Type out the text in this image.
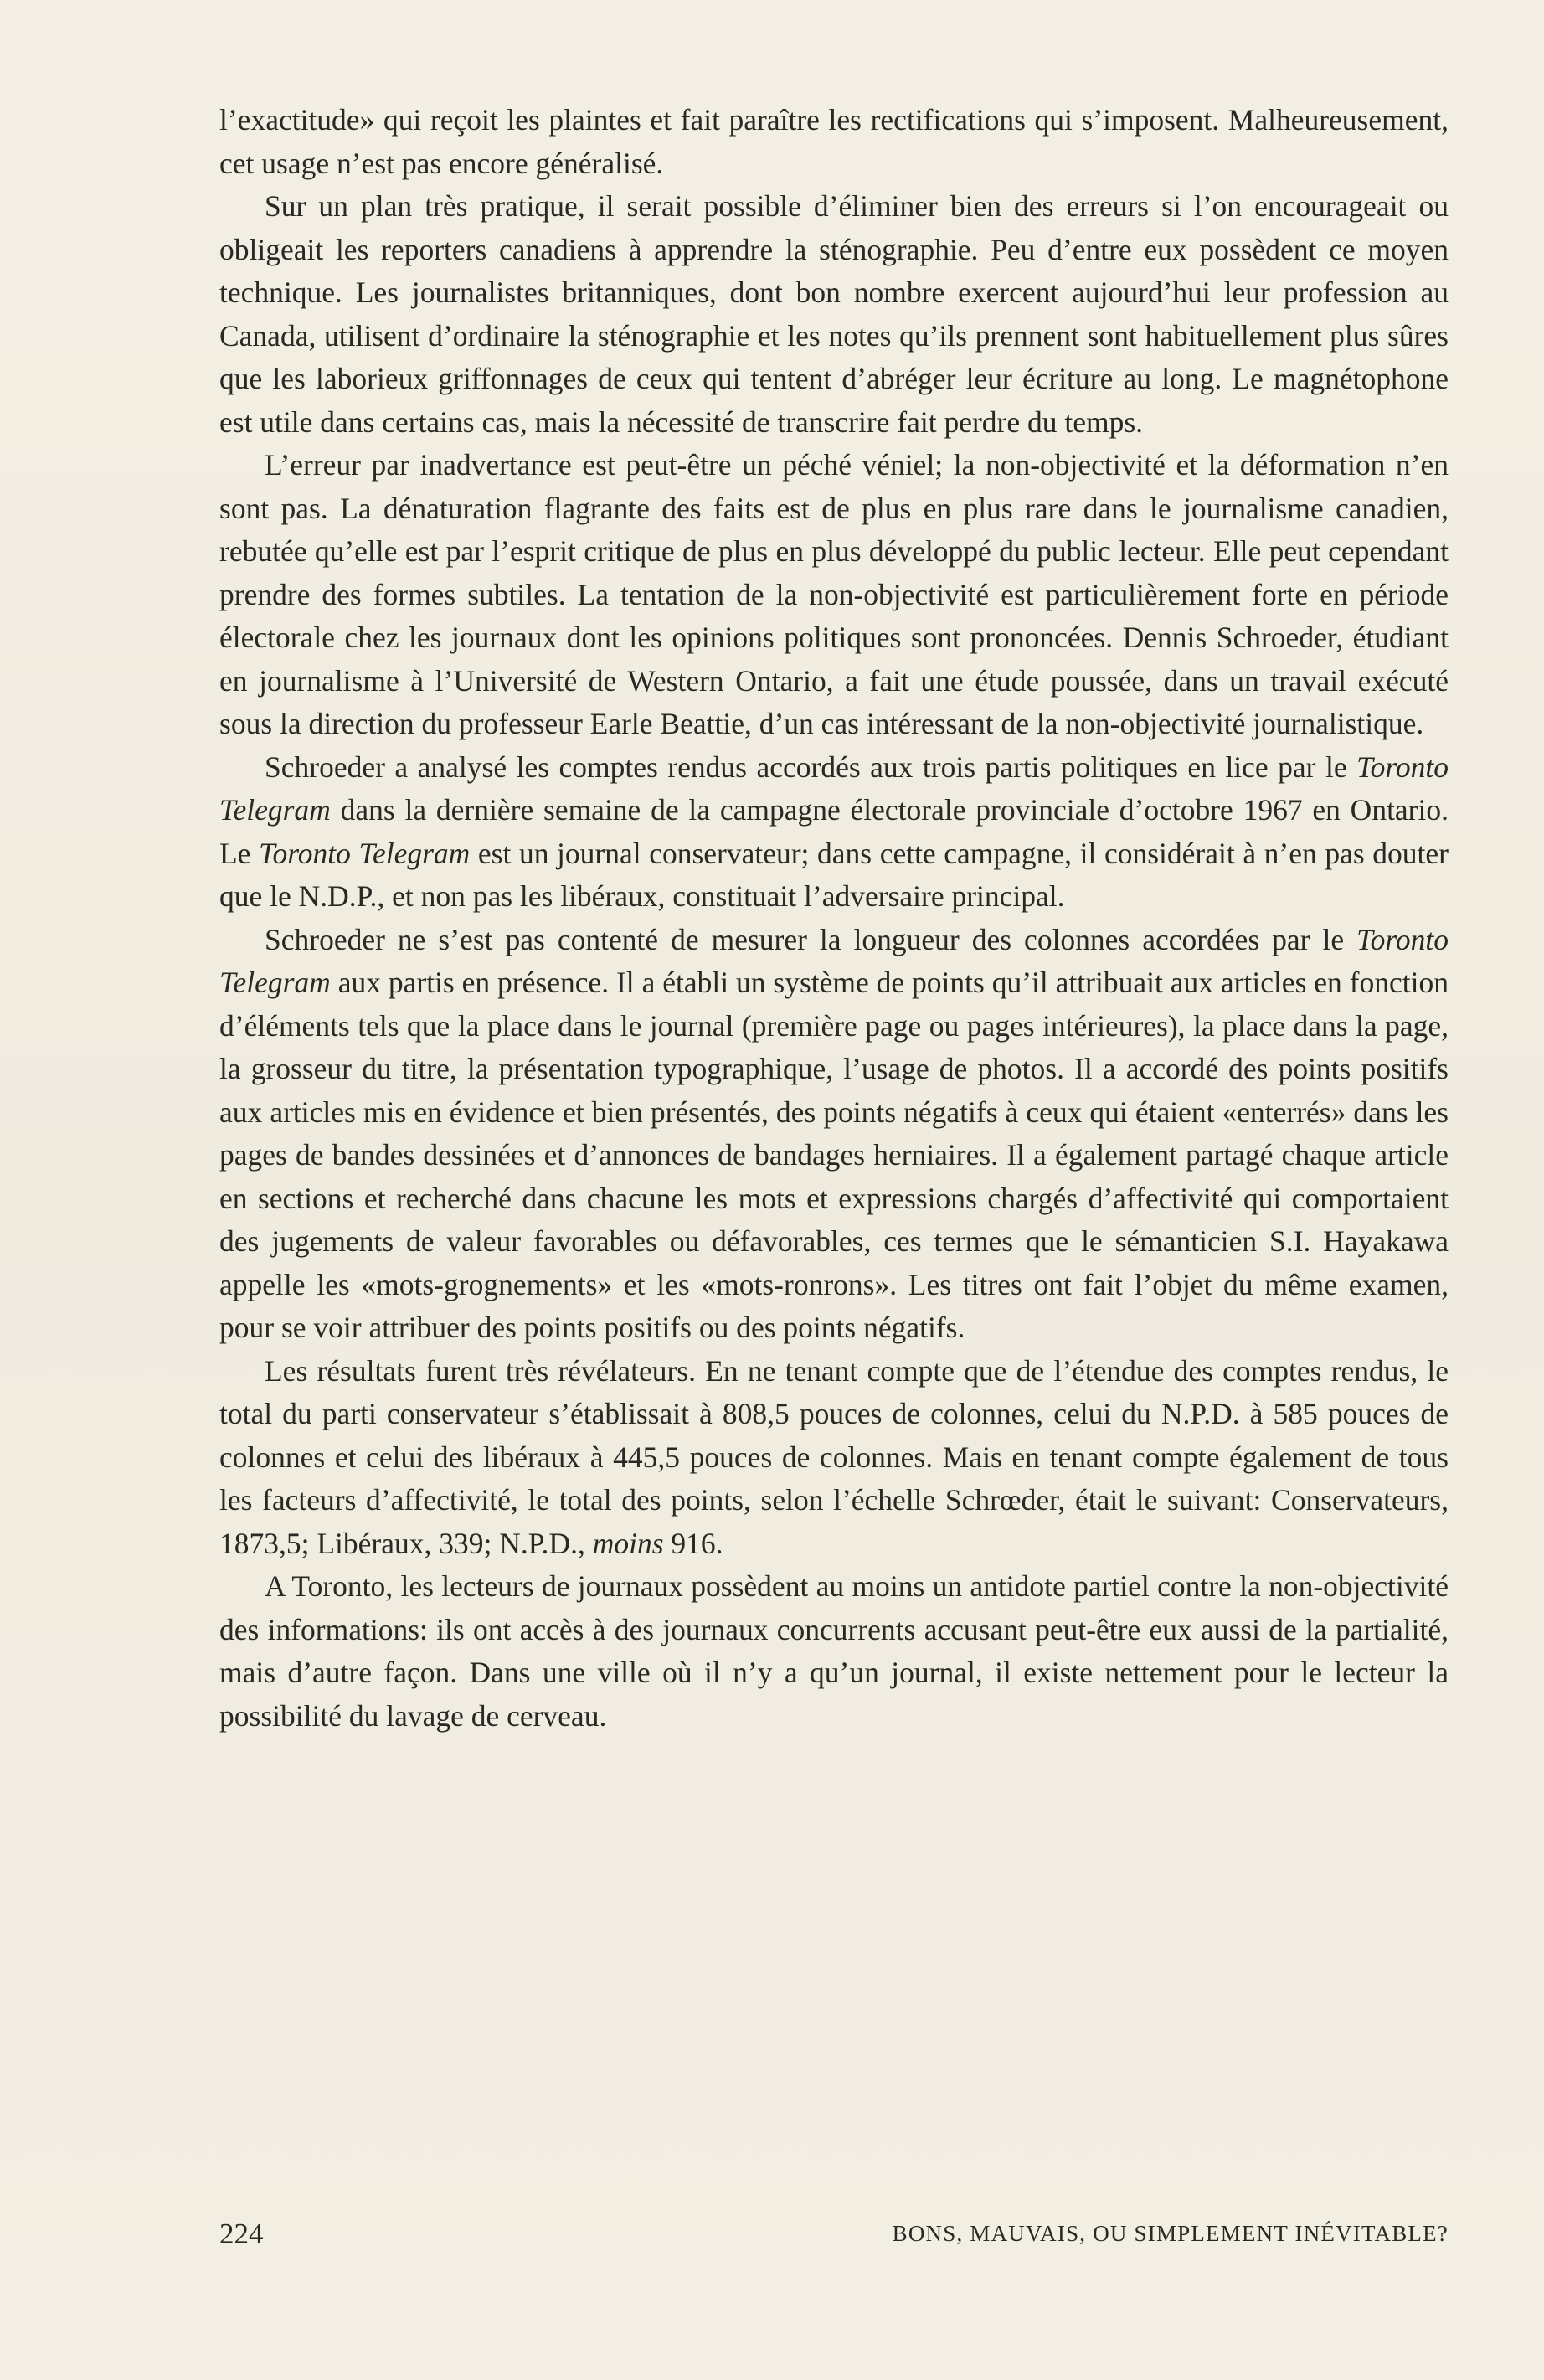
l’exactitude» qui reçoit les plaintes et fait paraître les rectifications qui s’imposent. Malheureusement, cet usage n’est pas encore généralisé.

Sur un plan très pratique, il serait possible d’éliminer bien des erreurs si l’on encourageait ou obligeait les reporters canadiens à apprendre la sténographie. Peu d’entre eux possèdent ce moyen technique. Les journalistes britanniques, dont bon nombre exercent aujourd’hui leur profession au Canada, utilisent d’ordinaire la sténographie et les notes qu’ils prennent sont habituellement plus sûres que les laborieux griffonnages de ceux qui tentent d’abréger leur écriture au long. Le magnétophone est utile dans certains cas, mais la nécessité de transcrire fait perdre du temps.

L’erreur par inadvertance est peut-être un péché véniel; la non-objectivité et la déformation n’en sont pas. La dénaturation flagrante des faits est de plus en plus rare dans le journalisme canadien, rebutée qu’elle est par l’esprit critique de plus en plus développé du public lecteur. Elle peut cependant prendre des formes subtiles. La tentation de la non-objectivité est particulièrement forte en période électorale chez les journaux dont les opinions politiques sont prononcées. Dennis Schroeder, étudiant en journalisme à l’Université de Western Ontario, a fait une étude poussée, dans un travail exécuté sous la direction du professeur Earle Beattie, d’un cas intéressant de la non-objectivité journalistique.

Schroeder a analysé les comptes rendus accordés aux trois partis politiques en lice par le Toronto Telegram dans la dernière semaine de la campagne électorale provinciale d’octobre 1967 en Ontario. Le Toronto Telegram est un journal conservateur; dans cette campagne, il considérait à n’en pas douter que le N.D.P., et non pas les libéraux, constituait l’adversaire principal.

Schroeder ne s’est pas contenté de mesurer la longueur des colonnes accordées par le Toronto Telegram aux partis en présence. Il a établi un système de points qu’il attribuait aux articles en fonction d’éléments tels que la place dans le journal (première page ou pages intérieures), la place dans la page, la grosseur du titre, la présentation typographique, l’usage de photos. Il a accordé des points positifs aux articles mis en évidence et bien présentés, des points négatifs à ceux qui étaient «enterrés» dans les pages de bandes dessinées et d’annonces de bandages herniaires. Il a également partagé chaque article en sections et recherché dans chacune les mots et expressions chargés d’affectivité qui comportaient des jugements de valeur favorables ou défavorables, ces termes que le sémanticien S.I. Hayakawa appelle les «mots-grognements» et les «mots-ronrons». Les titres ont fait l’objet du même examen, pour se voir attribuer des points positifs ou des points négatifs.

Les résultats furent très révélateurs. En ne tenant compte que de l’étendue des comptes rendus, le total du parti conservateur s’établissait à 808,5 pouces de colonnes, celui du N.P.D. à 585 pouces de colonnes et celui des libéraux à 445,5 pouces de colonnes. Mais en tenant compte également de tous les facteurs d’affectivité, le total des points, selon l’échelle Schrœder, était le suivant: Conservateurs, 1873,5; Libéraux, 339; N.P.D., moins 916.

A Toronto, les lecteurs de journaux possèdent au moins un antidote partiel contre la non-objectivité des informations: ils ont accès à des journaux concurrents accusant peut-être eux aussi de la partialité, mais d’autre façon. Dans une ville où il n’y a qu’un journal, il existe nettement pour le lecteur la possibilité du lavage de cerveau.

224	BONS, MAUVAIS, OU SIMPLEMENT INÉVITABLE?
